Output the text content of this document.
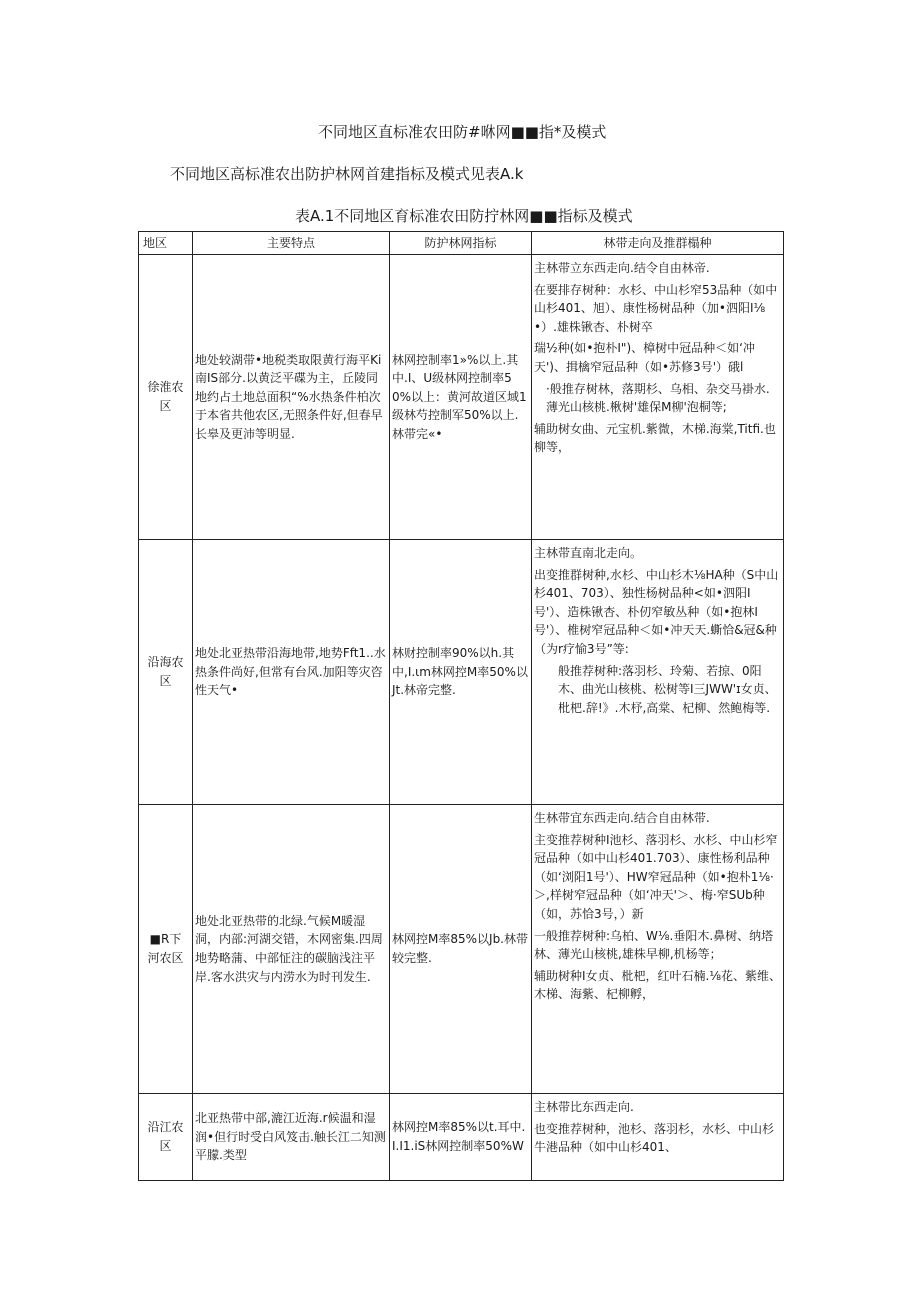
不同地区直标准农田防#咻网■■指*及模式
不同地区高标准农出防护林网首建指标及模式见表A.k
表A.1不同地区育标准农田防拧林网■■指标及模式
地区	主要特点	防护林网指标	林带走向及推群榻种
徐淮农区	地处较湖带•地税类取限黄行海平Ki南IS部分.以黄泛平碟为主，丘陵同地约占土地总面积“%水热条件柏次于本省共他农区,无照条件好,但春早长皋及更沛等明显.	林网控制率1»%以上.其中.I、U级林网控制率50%以上：黄河故道区域1级林芍控制军50%以上.林带完«•	主林带立东西走向.结令自由林帝.
在要排存树种：水杉、中山杉窄53品种（如中山杉401、旭）、康性杨树品种（加•泗阳I⅛•）.雄株锹杏、朴树卒
瑞½种(如•抱朴I")、樟树中冠品种＜如‘冲天')、揖檎窄冠品种（如•苏修3号'）硪l
·般推存树林，落期杉、乌相、杂交马褂水.薄光山核桃.楸树'雄保M柳'泡桐等;
辅助树女曲、元宝机.紫微，木梯.海棠,Titfi.也柳等，

沿海农区	地处北亚热带沿海地带,地势Fft1..水热条件尚好,但常有台风.加阳等灾咨性天气•	林财控制率90%以h.其中,I.ιm林网控M率50%以Jt.林帝完整.	主林带直南北走向。
出变推群树种,水杉、中山杉木⅛HA种（S中山杉401、703）、独性杨树品种<如•泗阳I号'）、造株锹杏、朴仞窄敏丛种（如•抱林I号'）、椎树窄冠品种＜如•冲天天.蟖恰&冠&种（为r疗愉3号”等:
般推荐树种:落羽杉、玲菊、若掠、0阳木、曲光山核桃、松树等I三JWW'ɪ女贞、枇杷.辞!》.木杼,高棠、杞柳、然鲍梅等.

■R下河农区	地处北亚热带的北绿.气候M暖湿洞，内部:河湖交错，木网密集.四周地势略蒲、中部怔注的碳脑浅注平岸.客水洪灾与内涝水为时刊发生.	林网控M率85%以Jb.林带较完整.	生林带宜东西走向.结合自由林带.
主变推荐树种I池杉、落羽杉、水杉、中山杉窄冠品种（如中山杉401.703）、康性杨利品种（如‘浏阳1号'）、HW窄冠品种（如•抱朴1⅛·＞,样树窄冠品种（如‘冲天'＞、梅·窄SUb种（如，苏恰3号，）新
一般推荐树种:乌柏、W⅛.垂阳木.鼻树、纳塔林、薄光山核桃,雄株早柳,机杨等；
辅助树种I女贞、枇杷，红叶石楠.⅛花、紫维、木梯、海紫、杞柳孵，

沿江农区	北亚热带中部,漉江近海.r候温和湿润•但行时受白风笈击.触长江二知测平朦.类型	林网控M率85%以t.耳中.I.I1.iS林网控制率50%W	主林带比东西走向.
也变推荐树种，池杉、落羽杉，水杉、中山杉牛港品种（如中山杉401、
